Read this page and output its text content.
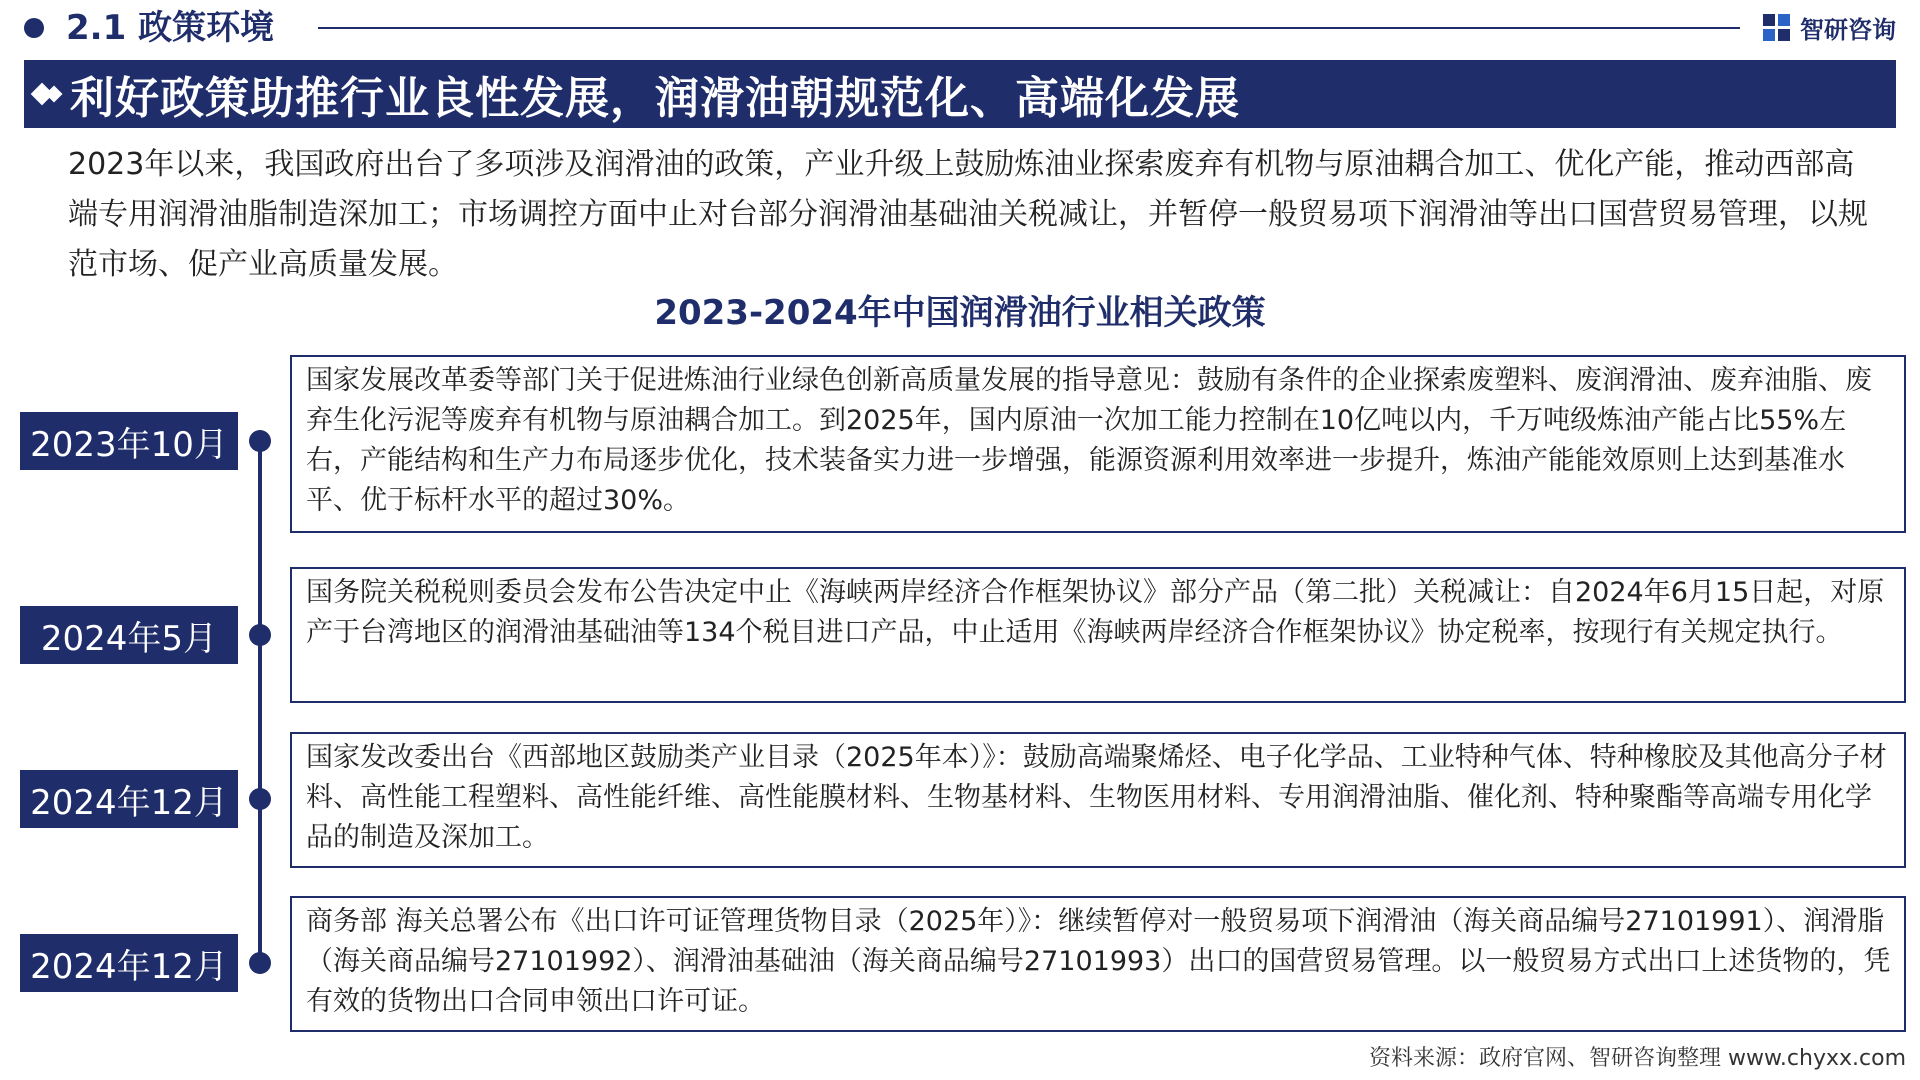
2.1 政策环境	智研咨询
利好政策助推行业良性发展，润滑油朝规范化、高端化发展

2023年以来，我国政府出台了多项涉及润滑油的政策，产业升级上鼓励炼油业探索废弃有机物与原油耦合加工、优化产能，推动西部高端专用润滑油脂制造深加工；市场调控方面中止对台部分润滑油基础油关税减让，并暂停一般贸易项下润滑油等出口国营贸易管理，以规范市场、促产业高质量发展。

2023-2024年中国润滑油行业相关政策
2023年10月
国家发展改革委等部门关于促进炼油行业绿色创新高质量发展的指导意见：鼓励有条件的企业探索废塑料、废润滑油、废弃油脂、废弃生化污泥等废弃有机物与原油耦合加工。到2025年，国内原油一次加工能力控制在10亿吨以内，千万吨级炼油产能占比55%左右，产能结构和生产力布局逐步优化，技术装备实力进一步增强，能源资源利用效率进一步提升，炼油产能能效原则上达到基准水平、优于标杆水平的超过30%。
2024年5月
国务院关税税则委员会发布公告决定中止《海峡两岸经济合作框架协议》部分产品（第二批）关税减让：自2024年6月15日起，对原产于台湾地区的润滑油基础油等134个税目进口产品，中止适用《海峡两岸经济合作框架协议》协定税率，按现行有关规定执行。
2024年12月
国家发改委出台《西部地区鼓励类产业目录（2025年本）》：鼓励高端聚烯烃、电子化学品、工业特种气体、特种橡胶及其他高分子材料、高性能工程塑料、高性能纤维、高性能膜材料、生物基材料、生物医用材料、专用润滑油脂、催化剂、特种聚酯等高端专用化学品的制造及深加工。
2024年12月
商务部 海关总署公布《出口许可证管理货物目录（2025年）》：继续暂停对一般贸易项下润滑油（海关商品编号27101991）、润滑脂（海关商品编号27101992）、润滑油基础油（海关商品编号27101993）出口的国营贸易管理。以一般贸易方式出口上述货物的，凭有效的货物出口合同申领出口许可证。
资料来源：政府官网、智研咨询整理 www.chyxx.com
